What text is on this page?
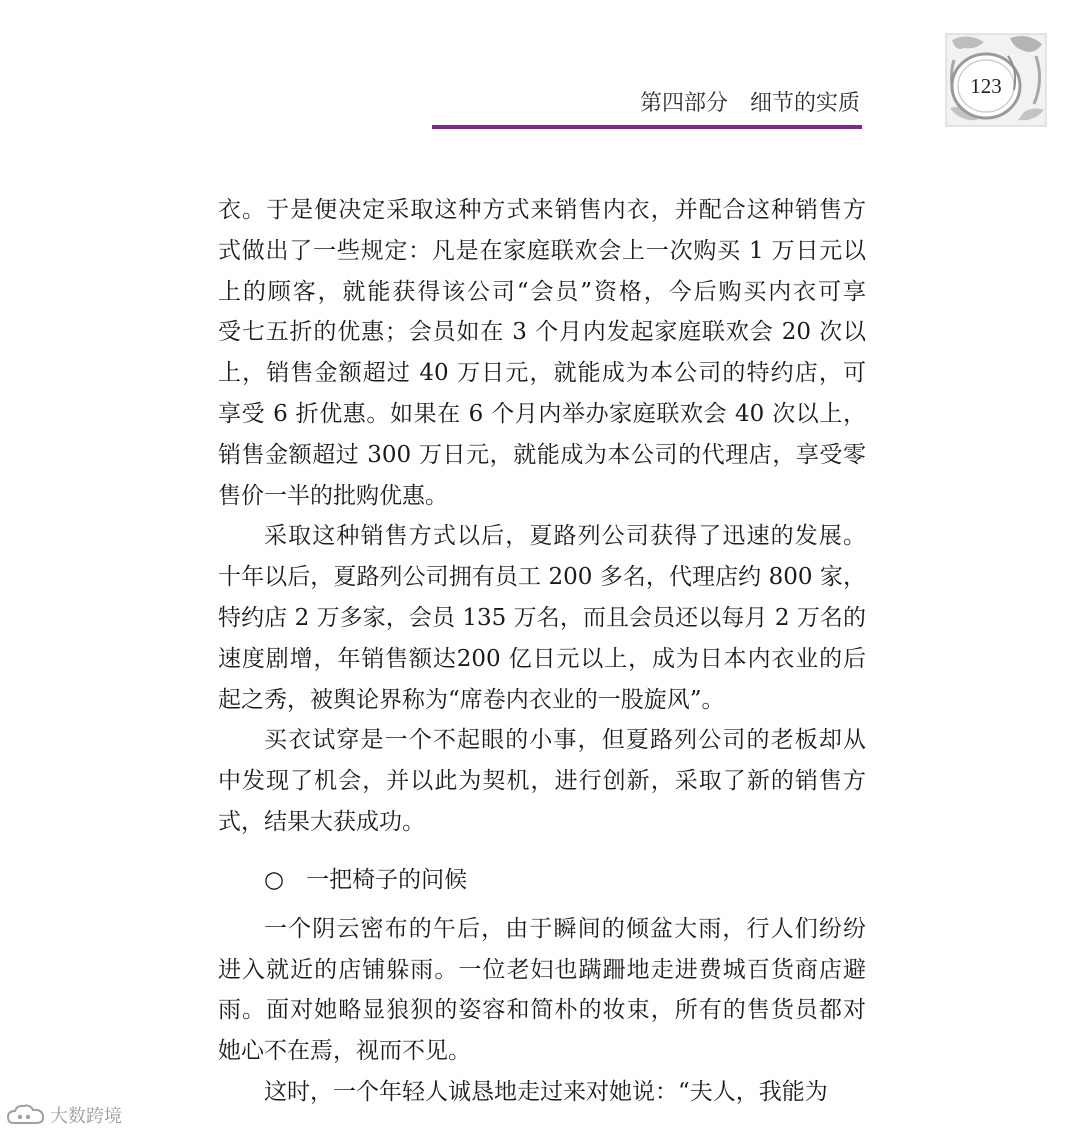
第四部分　细节的实质
123
衣。于是便决定采取这种方式来销售内衣，并配合这种销售方
式做出了一些规定：凡是在家庭联欢会上一次购买 1 万日元以
上的顾客，就能获得该公司“会员”资格，今后购买内衣可享
受七五折的优惠；会员如在 3 个月内发起家庭联欢会 20 次以
上，销售金额超过 40 万日元，就能成为本公司的特约店，可
享受 6 折优惠。如果在 6 个月内举办家庭联欢会 40 次以上，
销售金额超过 300 万日元，就能成为本公司的代理店，享受零
售价一半的批购优惠。
采取这种销售方式以后，夏路列公司获得了迅速的发展。
十年以后，夏路列公司拥有员工 200 多名，代理店约 800 家，
特约店 2 万多家，会员 135 万名，而且会员还以每月 2 万名的
速度剧增，年销售额达200 亿日元以上，成为日本内衣业的后
起之秀，被舆论界称为“席卷内衣业的一股旋风”。
买衣试穿是一个不起眼的小事，但夏路列公司的老板却从
中发现了机会，并以此为契机，进行创新，采取了新的销售方
式，结果大获成功。
○ 一把椅子的问候
一个阴云密布的午后，由于瞬间的倾盆大雨，行人们纷纷
进入就近的店铺躲雨。一位老妇也蹒跚地走进费城百货商店避
雨。面对她略显狼狈的姿容和简朴的妆束，所有的售货员都对
她心不在焉，视而不见。
这时，一个年轻人诚恳地走过来对她说：“夫人，我能为
大数跨境
